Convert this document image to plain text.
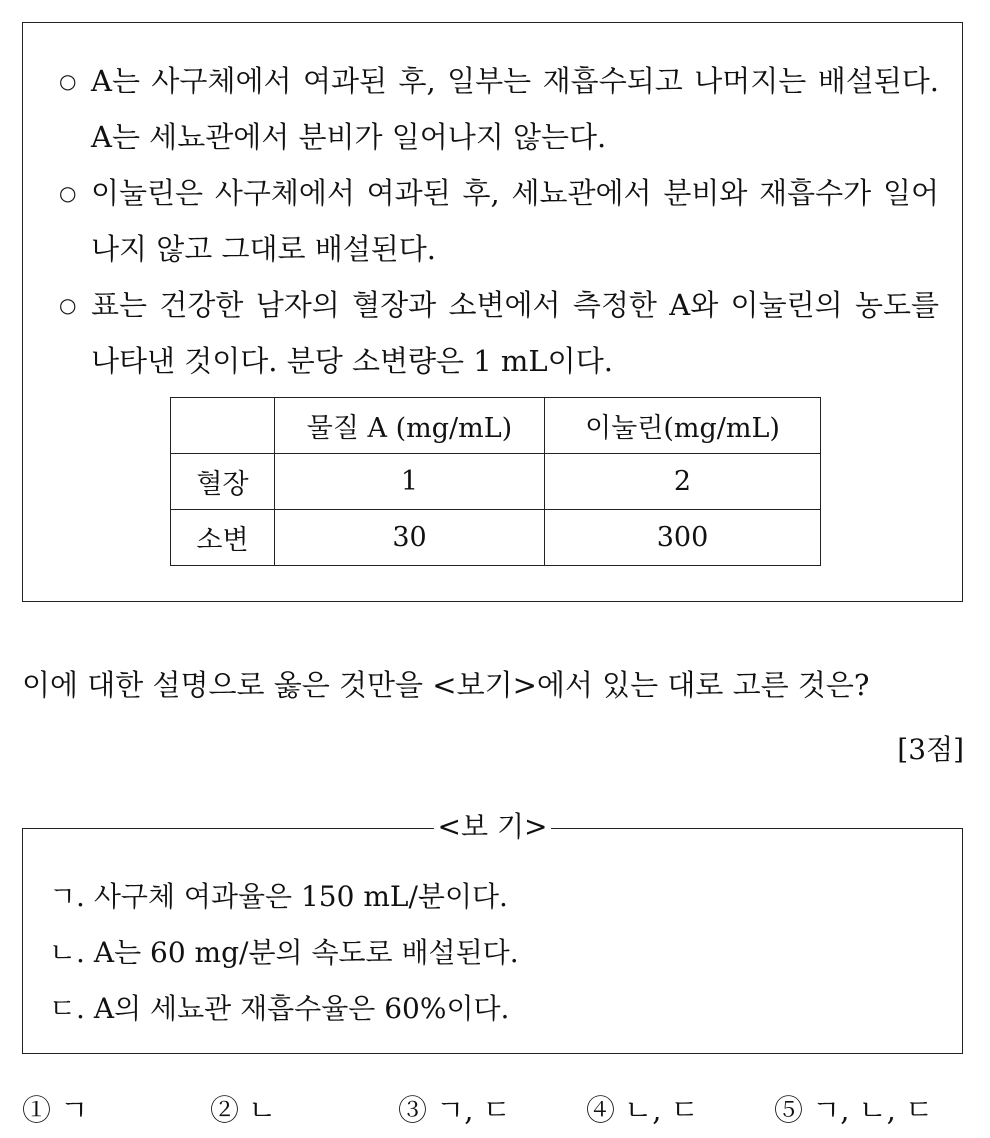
○ A는 사구체에서 여과된 후, 일부는 재흡수되고 나머지는 배설된다. A는 세뇨관에서 분비가 일어나지 않는다.
○ 이눌린은 사구체에서 여과된 후, 세뇨관에서 분비와 재흡수가 일어나지 않고 그대로 배설된다.
○ 표는 건강한 남자의 혈장과 소변에서 측정한 A와 이눌린의 농도를 나타낸 것이다. 분당 소변량은 1 mL이다.
	물질 A (mg/mL)	이눌린(mg/mL)
혈장	1	2
소변	30	300
이에 대한 설명으로 옳은 것만을 <보기>에서 있는 대로 고른 것은?
[3점]
<보 기>
ㄱ. 사구체 여과율은 150 mL/분이다.
ㄴ. A는 60 mg/분의 속도로 배설된다.
ㄷ. A의 세뇨관 재흡수율은 60%이다.
① ㄱ	② ㄴ	③ ㄱ, ㄷ	④ ㄴ, ㄷ	⑤ ㄱ, ㄴ, ㄷ
